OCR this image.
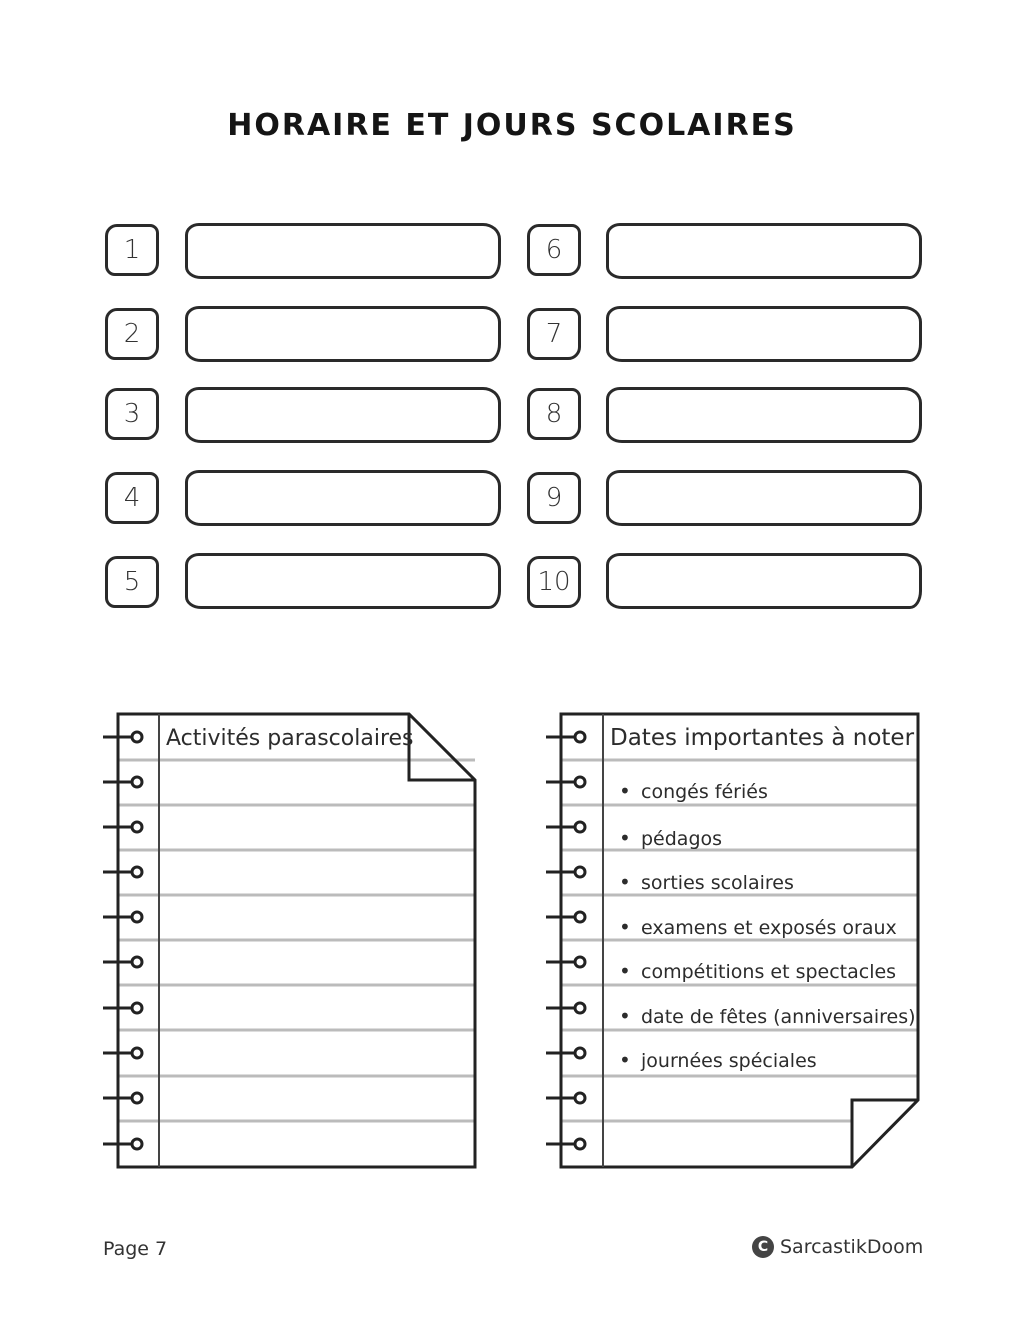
HORAIRE ET JOURS SCOLAIRES
1
2
3
4
5
6
7
8
9
10
Activités parascolaires	Dates importantes à noter
• congés fériés
• pédagos
• sorties scolaires
• examens et exposés oraux
• compétitions et spectacles
• date de fêtes (anniversaires)
• journées spéciales
Page 7	C SarcastikDoom
